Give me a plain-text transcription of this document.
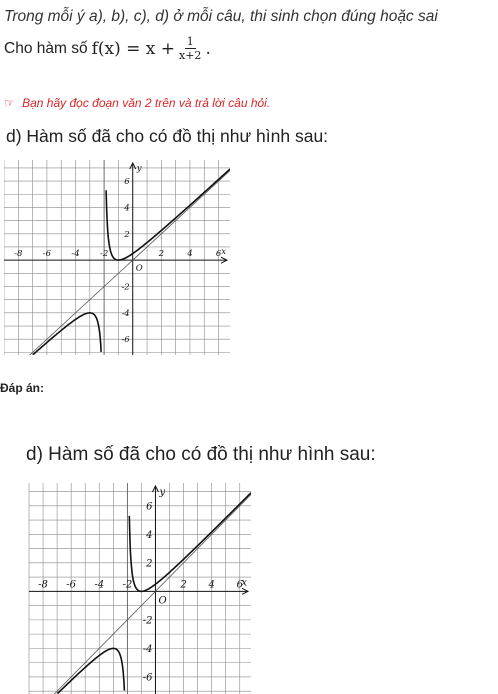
Trong mỗi ý a), b), c), d) ở mỗi câu, thi sinh chọn đúng hoặc sai
Cho hàm số $f(x) = x + \frac{1}{x+2}$ .
☞ Bạn hãy đọc đoạn văn 2 trên và trả lời câu hỏi.
d) Hàm số đã cho có đồ thị như hình sau:
-8 -6 -4 -2	2	4	6
6
4
2
-2
-4
-6
O
x
y
Đáp án:
d) Hàm số đã cho có đồ thị như hình sau:
-8 -6 -4 -2	2 4 6
6
4
2
-2
-4
-6
O
x
y
